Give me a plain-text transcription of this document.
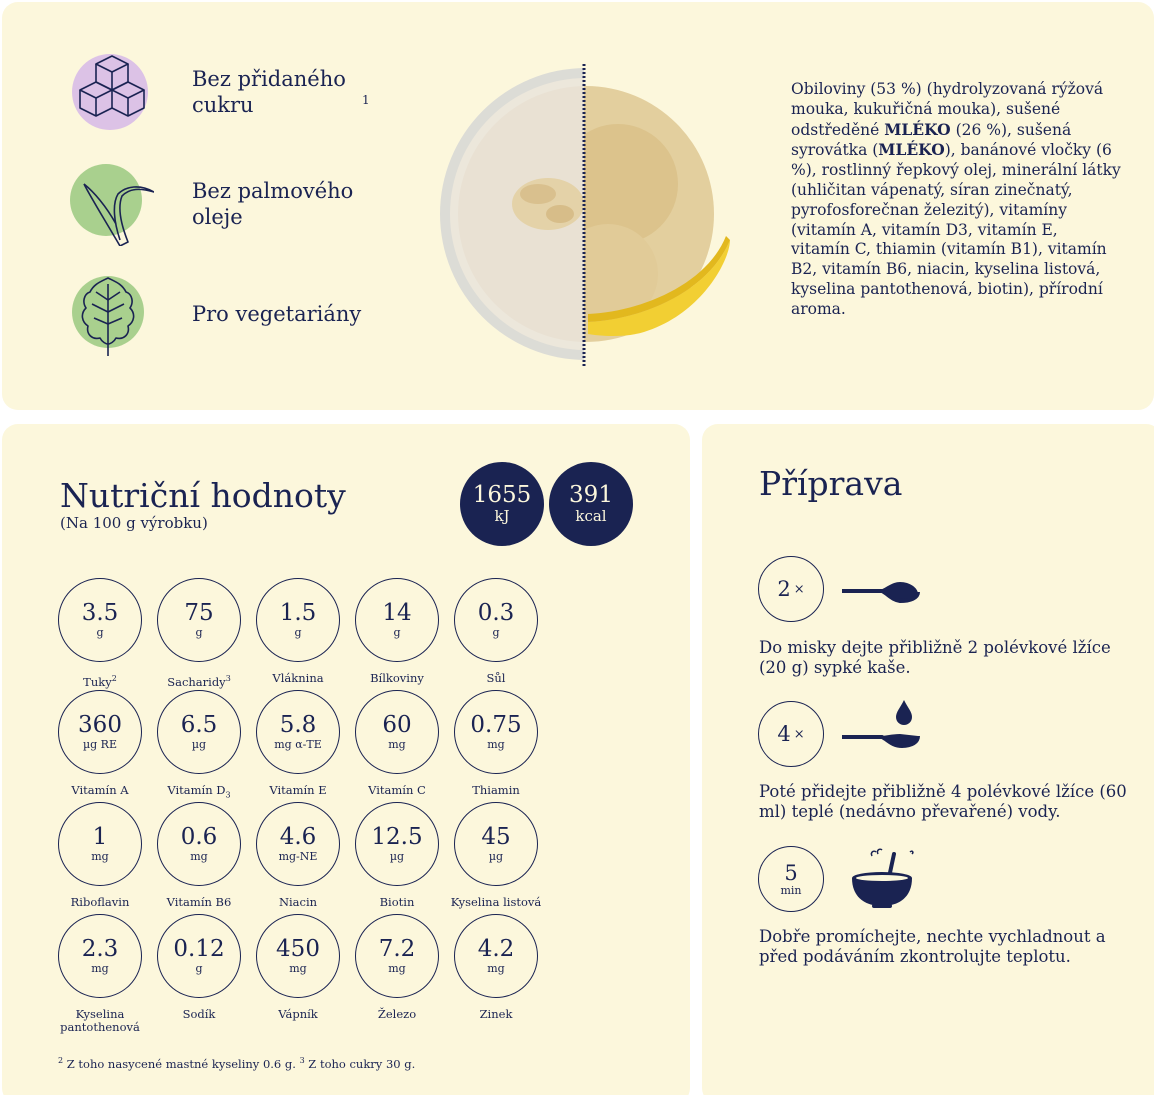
Bez přidaného cukru	$^1$
Bez palmového oleje
Pro vegetariány
Obiloviny (53 %) (hydrolyzovaná rýžová mouka, kukuřičná mouka), sušené odstředěné MLÉKO (26 %), sušená syrovátka (MLÉKO), banánové vločky (6 %), rostlinný řepkový olej, minerální látky (uhličitan vápenatý, síran zinečnatý, pyrofosforečnan železitý), vitamíny (vitamín A, vitamín D3, vitamín E, vitamín C, thiamin (vitamín B1), vitamín B2, vitamín B6, niacin, kyselina listová, kyselina pantothenová, biotin), přírodní aroma.
Nutriční hodnoty
(Na 100 g výrobku)
1655
kJ
391
kcal
3.5
g
Tuky$^2$
75
g
Sacharidy$^3$
1.5
g
Vláknina
14
g
Bílkoviny
0.3
g
Sůl
360
µg RE
Vitamín A
6.5
µg
Vitamín $D_3$
5.8
mg α-TE
Vitamín E
60
mg
Vitamín C
0.75
mg
Thiamin
1
mg
Riboflavin
0.6
mg
Vitamín B6
4.6
mg-NE
Niacin
12.5
µg
Biotin
45
µg
Kyselina listová
2.3
mg
Kyselina pantothenová
0.12
g
Sodík
450
mg
Vápník
7.2
mg
Železo
4.2
mg
Zinek
$^2$ Z toho nasycené mastné kyseliny 0.6 g. $^3$ Z toho cukry 30 g.
Příprava
2 ×
Do misky dejte přibližně 2 polévkové lžíce (20 g) sypké kaše.
4 ×
Poté přidejte přibližně 4 polévkové lžíce (60 ml) teplé (nedávno převařené) vody.
5
min
Dobře promíchejte, nechte vychladnout a před podáváním zkontrolujte teplotu.
